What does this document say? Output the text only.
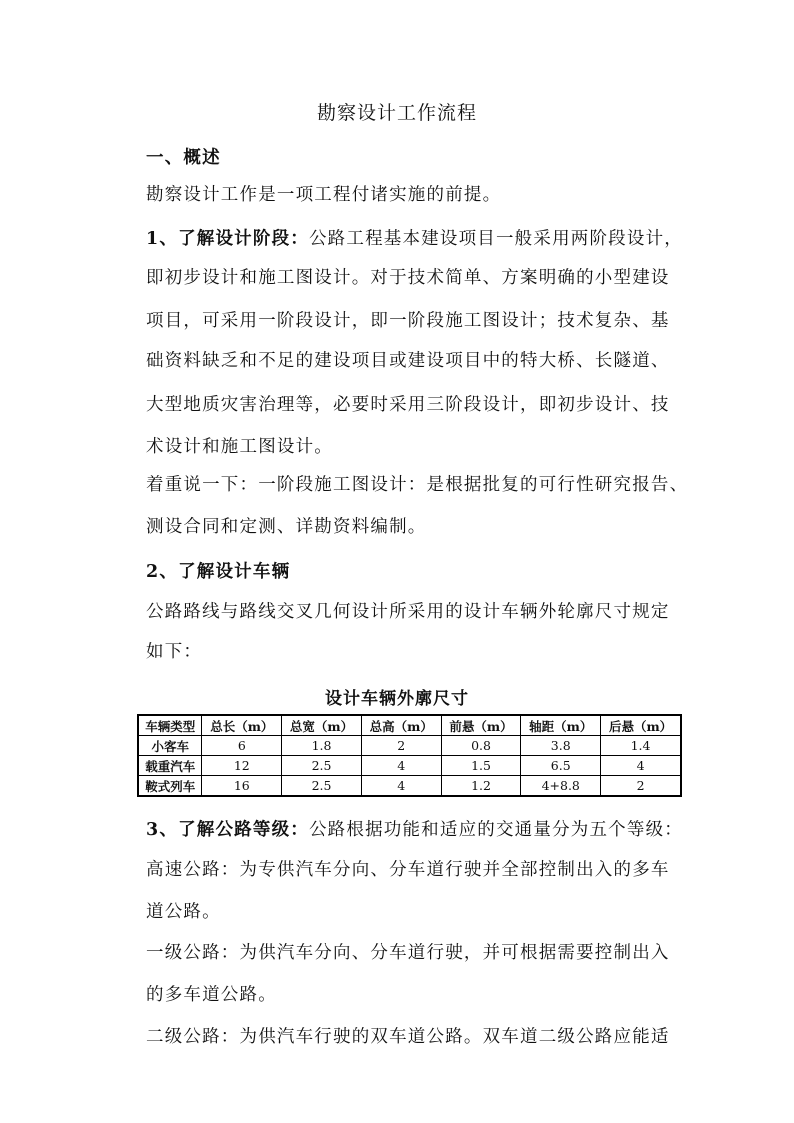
勘察设计工作流程
一、概述
勘察设计工作是一项工程付诸实施的前提。
1、了解设计阶段：公路工程基本建设项目一般采用两阶段设计，
即初步设计和施工图设计。对于技术简单、方案明确的小型建设
项目，可采用一阶段设计，即一阶段施工图设计；技术复杂、基
础资料缺乏和不足的建设项目或建设项目中的特大桥、长隧道、
大型地质灾害治理等，必要时采用三阶段设计，即初步设计、技
术设计和施工图设计。
着重说一下：一阶段施工图设计：是根据批复的可行性研究报告、
测设合同和定测、详勘资料编制。
2、了解设计车辆
公路路线与路线交叉几何设计所采用的设计车辆外轮廓尺寸规定
如下：
设计车辆外廓尺寸
车辆类型	总长（m）	总宽（m）	总高（m）	前悬（m）	轴距（m）	后悬（m）
小客车	6	1.8	2	0.8	3.8	1.4
载重汽车	12	2.5	4	1.5	6.5	4
鞍式列车	16	2.5	4	1.2	4+8.8	2
3、了解公路等级：公路根据功能和适应的交通量分为五个等级：
高速公路：为专供汽车分向、分车道行驶并全部控制出入的多车
道公路。
一级公路：为供汽车分向、分车道行驶，并可根据需要控制出入
的多车道公路。
二级公路：为供汽车行驶的双车道公路。双车道二级公路应能适
